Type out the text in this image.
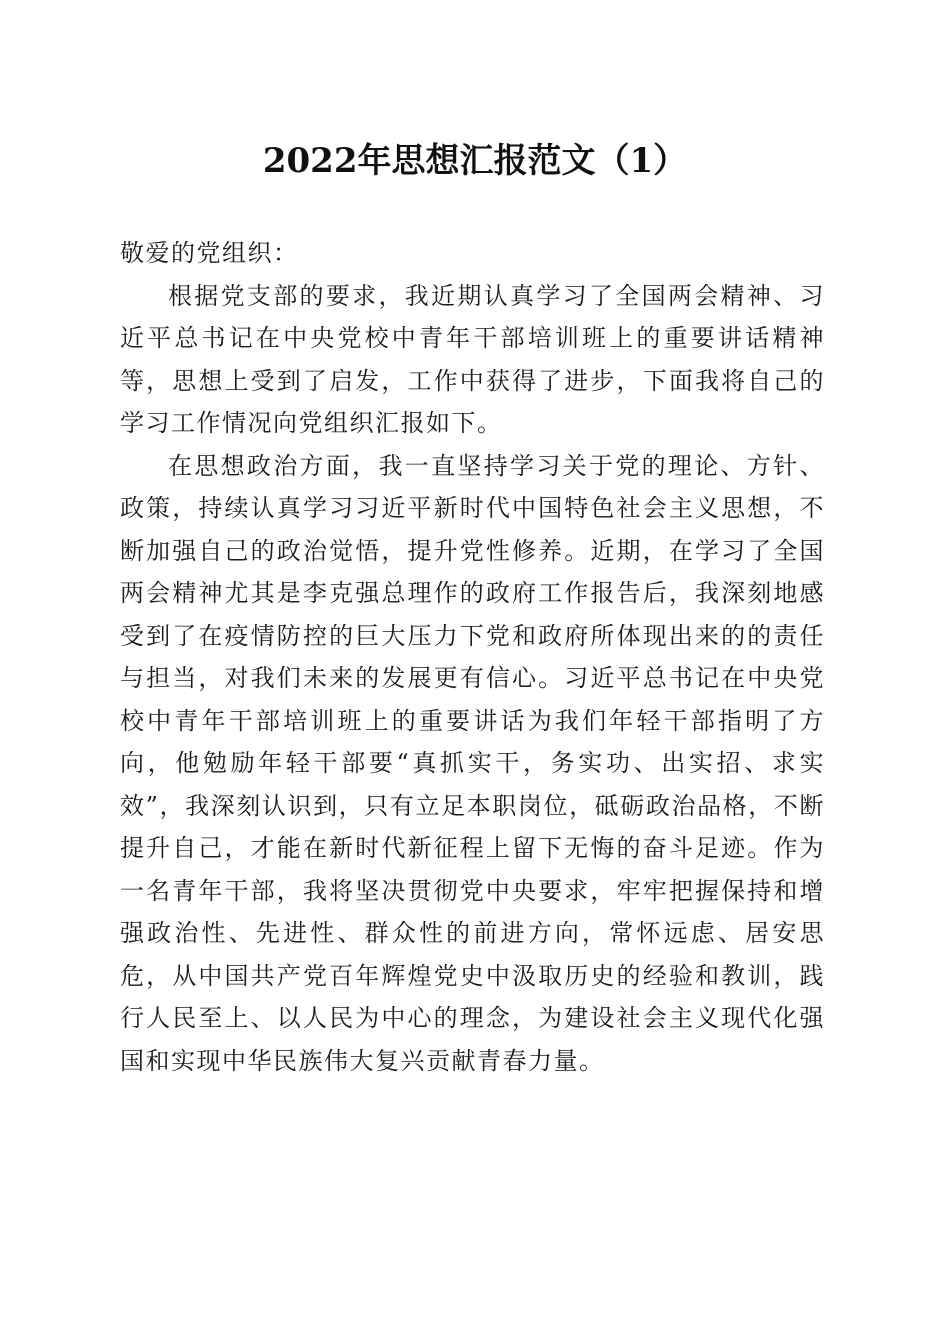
2022年思想汇报范文（1）

敬爱的党组织：

根据党支部的要求，我近期认真学习了全国两会精神、习近平总书记在中央党校中青年干部培训班上的重要讲话精神等，思想上受到了启发，工作中获得了进步，下面我将自己的学习工作情况向党组织汇报如下。

在思想政治方面，我一直坚持学习关于党的理论、方针、政策，持续认真学习习近平新时代中国特色社会主义思想，不断加强自己的政治觉悟，提升党性修养。近期，在学习了全国两会精神尤其是李克强总理作的政府工作报告后，我深刻地感受到了在疫情防控的巨大压力下党和政府所体现出来的的责任与担当，对我们未来的发展更有信心。习近平总书记在中央党校中青年干部培训班上的重要讲话为我们年轻干部指明了方向，他勉励年轻干部要“真抓实干，务实功、出实招、求实效”，我深刻认识到，只有立足本职岗位，砥砺政治品格，不断提升自己，才能在新时代新征程上留下无悔的奋斗足迹。作为一名青年干部，我将坚决贯彻党中央要求，牢牢把握保持和增强政治性、先进性、群众性的前进方向，常怀远虑、居安思危，从中国共产党百年辉煌党史中汲取历史的经验和教训，践行人民至上、以人民为中心的理念，为建设社会主义现代化强国和实现中华民族伟大复兴贡献青春力量。
